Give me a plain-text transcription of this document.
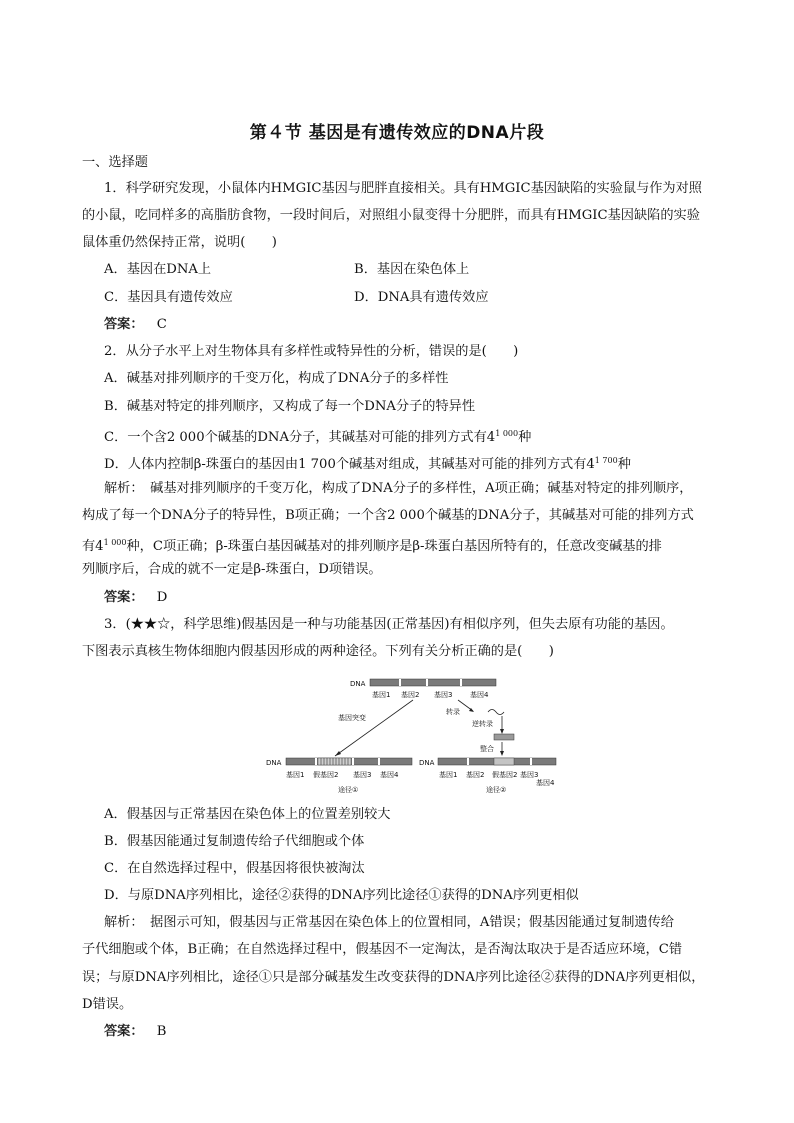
第４节 基因是有遗传效应的DNA片段
一、选择题
1．科学研究发现，小鼠体内HMGIC基因与肥胖直接相关。具有HMGIC基因缺陷的实验鼠与作为对照
的小鼠，吃同样多的高脂肪食物，一段时间后，对照组小鼠变得十分肥胖，而具有HMGIC基因缺陷的实验
鼠体重仍然保持正常，说明(　　)
A．基因在DNA上	B．基因在染色体上
C．基因具有遗传效应	D．DNA具有遗传效应
答案：  C
2．从分子水平上对生物体具有多样性或特异性的分析，错误的是(　　)
A．碱基对排列顺序的千变万化，构成了DNA分子的多样性
B．碱基对特定的排列顺序，又构成了每一个DNA分子的特异性
C．一个含2 000个碱基的DNA分子，其碱基对可能的排列方式有$4^{1 000}$种
D．人体内控制β-珠蛋白的基因由1 700个碱基对组成，其碱基对可能的排列方式有$4^{1 700}$种
解析：　碱基对排列顺序的千变万化，构成了DNA分子的多样性，A项正确；碱基对特定的排列顺序，
构成了每一个DNA分子的特异性，B项正确；一个含2 000个碱基的DNA分子，其碱基对可能的排列方式
有$4^{1 000}$种，C项正确；β-珠蛋白基因碱基对的排列顺序是β-珠蛋白基因所特有的，任意改变碱基的排
列顺序后，合成的就不一定是β-珠蛋白，D项错误。
答案：  D
3．(★★☆，科学思维)假基因是一种与功能基因(正常基因)有相似序列，但失去原有功能的基因。
下图表示真核生物体细胞内假基因形成的两种途径。下列有关分析正确的是(　　)
DNA
基因1 基因2 基因3	基因4
基因突变
转录
逆转录
整合
DNA
基因1 假基因2 基因3 基因4
途径①
DNA
基因1 基因2 假基因2 基因3
基因4
途径②
A．假基因与正常基因在染色体上的位置差别较大
B．假基因能通过复制遗传给子代细胞或个体
C．在自然选择过程中，假基因将很快被淘汰
D．与原DNA序列相比，途径②获得的DNA序列比途径①获得的DNA序列更相似
解析：　据图示可知，假基因与正常基因在染色体上的位置相同，A错误；假基因能通过复制遗传给
子代细胞或个体，B正确；在自然选择过程中，假基因不一定淘汰，是否淘汰取决于是否适应环境，C错
误；与原DNA序列相比，途径①只是部分碱基发生改变获得的DNA序列比途径②获得的DNA序列更相似，
D错误。
答案：  B
